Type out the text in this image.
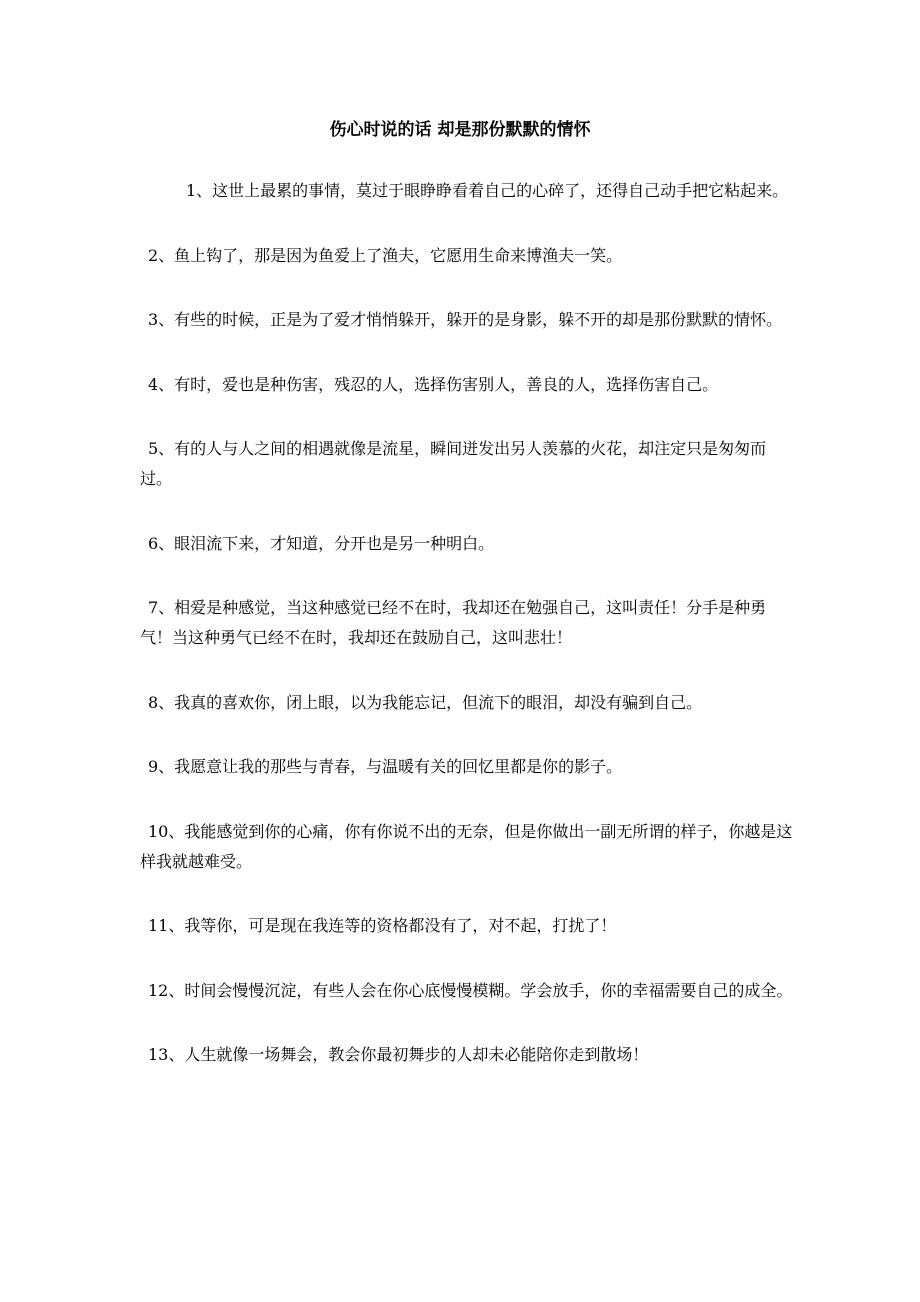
伤心时说的话 却是那份默默的情怀

1、这世上最累的事情，莫过于眼睁睁看着自己的心碎了，还得自己动手把它粘起来。

2、鱼上钩了，那是因为鱼爱上了渔夫，它愿用生命来博渔夫一笑。

3、有些的时候，正是为了爱才悄悄躲开，躲开的是身影，躲不开的却是那份默默的情怀。

4、有时，爱也是种伤害，残忍的人，选择伤害别人，善良的人，选择伤害自己。

5、有的人与人之间的相遇就像是流星，瞬间迸发出另人羡慕的火花，却注定只是匆匆而过。

6、眼泪流下来，才知道，分开也是另一种明白。

7、相爱是种感觉，当这种感觉已经不在时，我却还在勉强自己，这叫责任！分手是种勇气！当这种勇气已经不在时，我却还在鼓励自己，这叫悲壮！

8、我真的喜欢你，闭上眼，以为我能忘记，但流下的眼泪，却没有骗到自己。

9、我愿意让我的那些与青春，与温暖有关的回忆里都是你的影子。

10、我能感觉到你的心痛，你有你说不出的无奈，但是你做出一副无所谓的样子，你越是这样我就越难受。

11、我等你，可是现在我连等的资格都没有了，对不起，打扰了！

12、时间会慢慢沉淀，有些人会在你心底慢慢模糊。学会放手，你的幸福需要自己的成全。

13、人生就像一场舞会，教会你最初舞步的人却未必能陪你走到散场！
